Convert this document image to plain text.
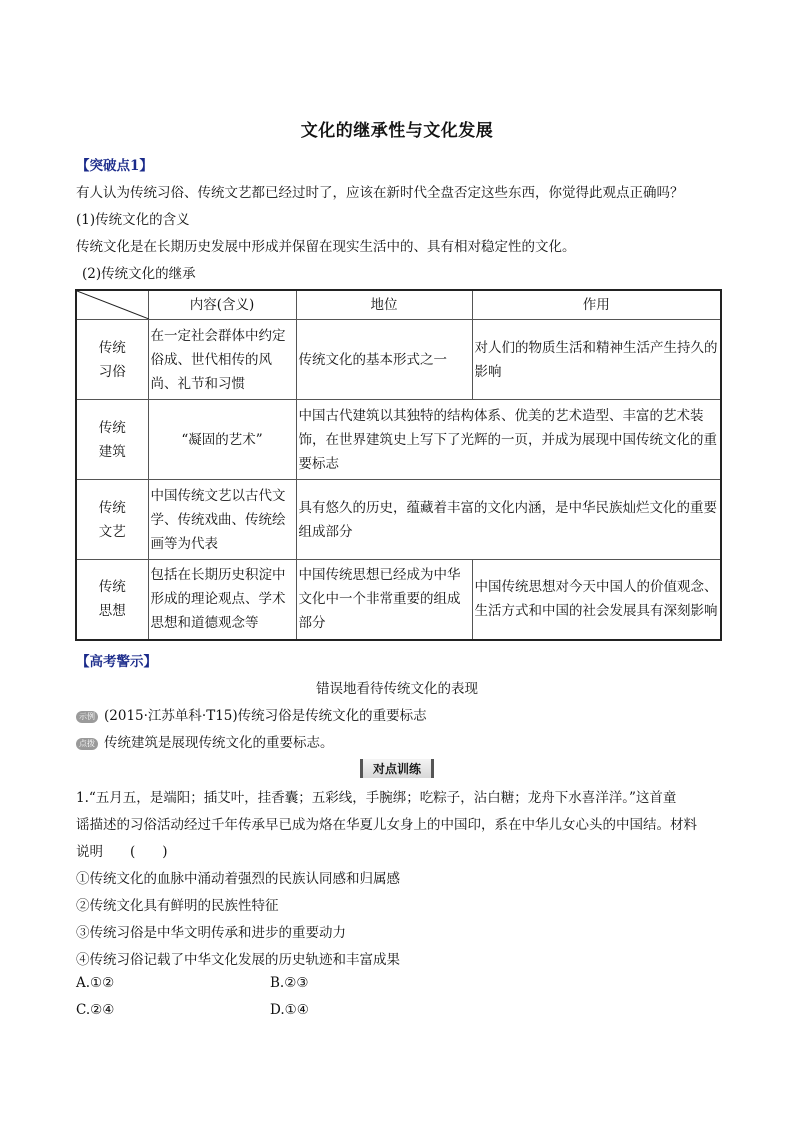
文化的继承性与文化发展
【突破点1】
有人认为传统习俗、传统文艺都已经过时了，应该在新时代全盘否定这些东西，你觉得此观点正确吗？
(1)传统文化的含义
传统文化是在长期历史发展中形成并保留在现实生活中的、具有相对稳定性的文化。
(2)传统文化的继承
	内容(含义)	地位	作用
传统
习俗	在一定社会群体中约定俗成、世代相传的风尚、礼节和习惯	传统文化的基本形式之一	对人们的物质生活和精神生活产生持久的影响
传统
建筑	“凝固的艺术”	中国古代建筑以其独特的结构体系、优美的艺术造型、丰富的艺术装饰，在世界建筑史上写下了光辉的一页，并成为展现中国传统文化的重要标志	
传统
文艺	中国传统文艺以古代文学、传统戏曲、传统绘画等为代表	具有悠久的历史，蕴藏着丰富的文化内涵，是中华民族灿烂文化的重要组成部分	
传统
思想	包括在长期历史积淀中形成的理论观点、学术思想和道德观念等	中国传统思想已经成为中华文化中一个非常重要的组成部分	中国传统思想对今天中国人的价值观念、生活方式和中国的社会发展具有深刻影响
【高考警示】
错误地看待传统文化的表现
示例 (2015·江苏单科·T15)传统习俗是传统文化的重要标志
点拨 传统建筑是展现传统文化的重要标志。
对点训练
1.“五月五，是端阳；插艾叶，挂香囊；五彩线，手腕绑；吃粽子，沾白糖；龙舟下水喜洋洋。”这首童
谣描述的习俗活动经过千年传承早已成为烙在华夏儿女身上的中国印，系在中华儿女心头的中国结。材料
说明　　(　　)
①传统文化的血脉中涌动着强烈的民族认同感和归属感
②传统文化具有鲜明的民族性特征
③传统习俗是中华文明传承和进步的重要动力
④传统习俗记载了中华文化发展的历史轨迹和丰富成果
A.①②	B.②③
C.②④	D.①④
